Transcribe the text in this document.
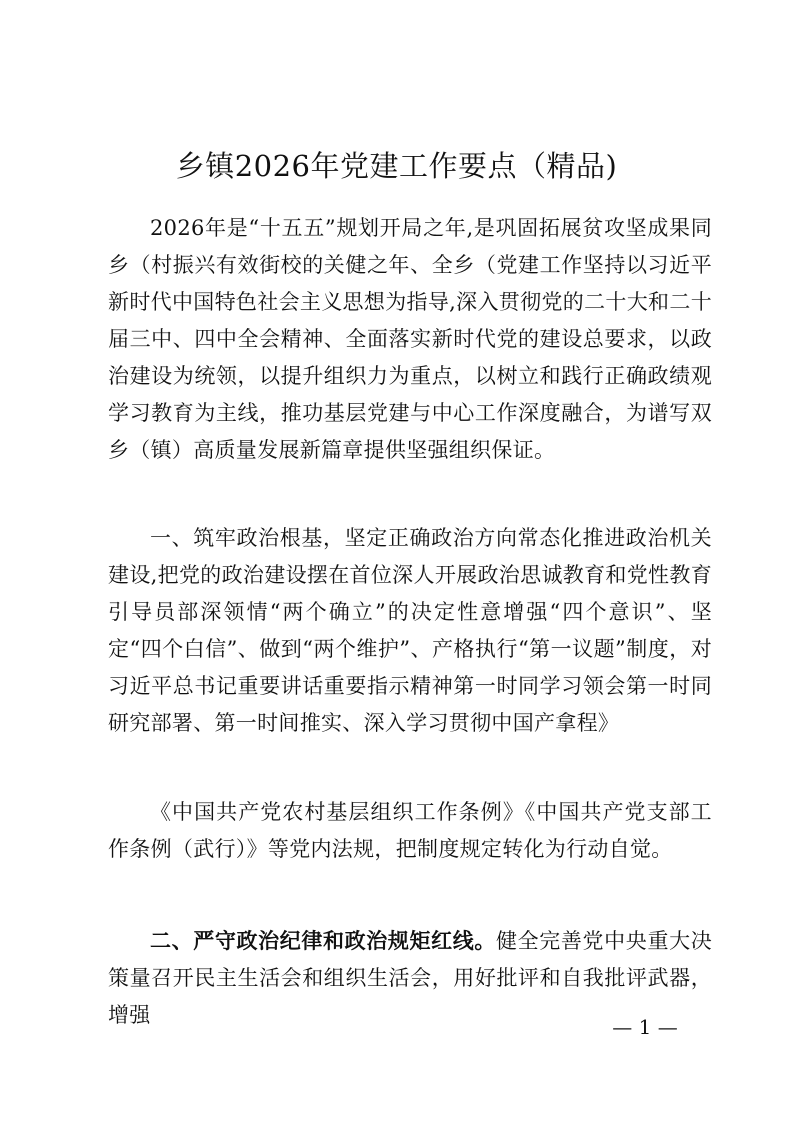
乡镇2026年党建工作要点（精品)

2026年是“十五五”规划开局之年,是巩固拓展贫攻坚成果同乡（村振兴有效街校的关健之年、全乡（党建工作坚持以习近平新时代中国特色社会主义思想为指导,深入贯彻党的二十大和二十届三中、四中全会精神、全面落实新时代党的建设总要求，以政治建设为统领，以提升组织力为重点，以树立和践行正确政绩观学习教育为主线，推功基层党建与中心工作深度融合，为谱写双乡（镇）高质量发展新篇章提供坚强组织保证。

一、筑牢政治根基，坚定正确政治方向常态化推进政治机关建设,把党的政治建设摆在首位深人开展政治思诚教育和党性教育引导员部深领情“两个确立”的决定性意增强“四个意识”、坚定“四个白信”、做到“两个维护”、产格执行“第一议题”制度，对习近平总书记重要讲话重要指示精神第一时同学习领会第一时同研究部署、第一时间推实、深入学习贯彻中国产拿程》

《中国共产党农村基层组织工作条例》《中国共产党支部工作条例（武行）》等党内法规，把制度规定转化为行动自觉。

二、严守政治纪律和政治规矩红线。健全完善党中央重大决策量召开民主生活会和组织生活会，用好批评和自我批评武器，增强	— 1 —
